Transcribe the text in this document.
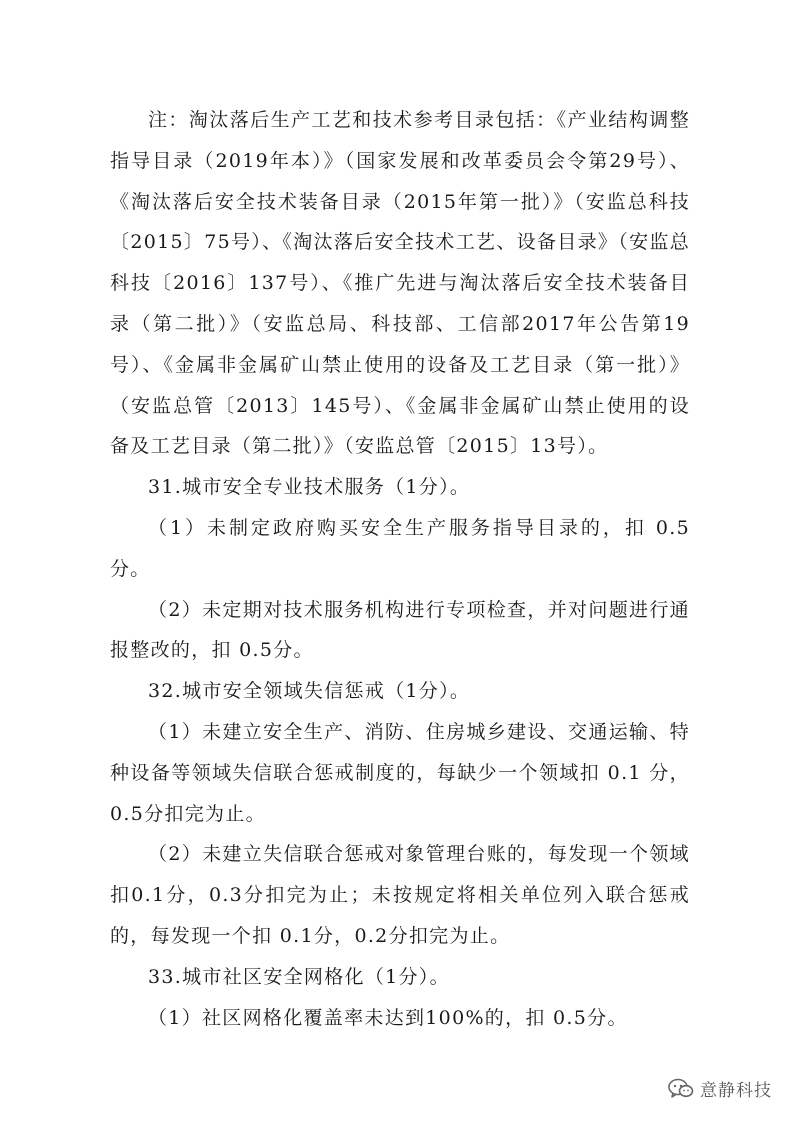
注：淘汰落后生产工艺和技术参考目录包括：《产业结构调整指导目录（2019年本）》（国家发展和改革委员会令第29号）、《淘汰落后安全技术装备目录（2015年第一批）》（安监总科技〔2015〕75号）、《淘汰落后安全技术工艺、设备目录》（安监总科技〔2016〕137号）、《推广先进与淘汰落后安全技术装备目录（第二批）》（安监总局、科技部、工信部2017年公告第19号）、《金属非金属矿山禁止使用的设备及工艺目录（第一批）》（安监总管〔2013〕145号）、《金属非金属矿山禁止使用的设备及工艺目录（第二批）》（安监总管〔2015〕13号）。

31.城市安全专业技术服务（1分）。

（1）未制定政府购买安全生产服务指导目录的，扣 0.5分。

（2）未定期对技术服务机构进行专项检查，并对问题进行通报整改的，扣 0.5分。

32.城市安全领域失信惩戒（1分）。

（1）未建立安全生产、消防、住房城乡建设、交通运输、特种设备等领域失信联合惩戒制度的，每缺少一个领域扣 0.1 分，0.5分扣完为止。

（2）未建立失信联合惩戒对象管理台账的，每发现一个领域扣0.1分，0.3分扣完为止；未按规定将相关单位列入联合惩戒的，每发现一个扣 0.1分，0.2分扣完为止。

33.城市社区安全网格化（1分）。

（1）社区网格化覆盖率未达到100%的，扣 0.5分。

意静科技
